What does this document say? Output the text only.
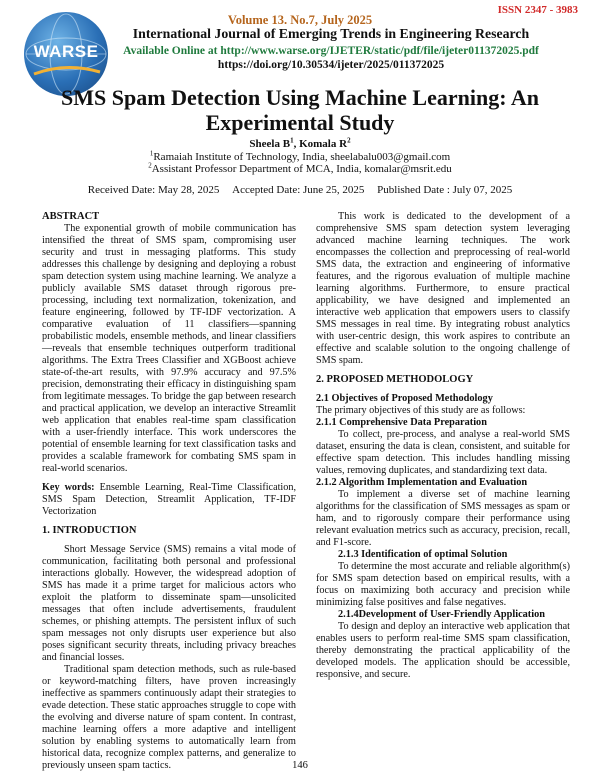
WARSE
ISSN 2347 - 3983
Volume 13. No.7, July 2025
International Journal of Emerging Trends in Engineering Research
Available Online at http://www.warse.org/IJETER/static/pdf/file/ijeter011372025.pdf
https://doi.org/10.30534/ijeter/2025/011372025
SMS Spam Detection Using Machine Learning: An Experimental Study
Sheela $B^1$, Komala $R^2$
$^1$Ramaiah Institute of Technology, India, sheelabalu003@gmail.com
$^2$Assistant Professor Department of MCA, India, komalar@msrit.edu
Received Date: May 28, 2025 Accepted Date: June 25, 2025 Published Date : July 07, 2025
ABSTRACT

The exponential growth of mobile communication has intensified the threat of SMS spam, compromising user security and trust in messaging platforms. This study addresses this challenge by designing and deploying a robust spam detection system using machine learning. We analyze a publicly available SMS dataset through rigorous pre-processing, including text normalization, tokenization, and feature engineering, followed by TF-IDF vectorization. A comparative evaluation of 11 classifiers—spanning probabilistic models, ensemble methods, and linear classifiers—reveals that ensemble techniques outperform traditional algorithms. The Extra Trees Classifier and XGBoost achieve state-of-the-art results, with 97.9% accuracy and 97.5% precision, demonstrating their efficacy in distinguishing spam from legitimate messages. To bridge the gap between research and practical application, we develop an interactive Streamlit web application that enables real-time spam classification with a user-friendly interface. This work underscores the potential of ensemble learning for text classification tasks and provides a scalable framework for combating SMS spam in real-world scenarios.

Key words: Ensemble Learning, Real-Time Classification, SMS Spam Detection, Streamlit Application, TF-IDF Vectorization

1. INTRODUCTION

Short Message Service (SMS) remains a vital mode of communication, facilitating both personal and professional interactions globally. However, the widespread adoption of SMS has made it a prime target for malicious actors who exploit the platform to disseminate spam—unsolicited messages that often include advertisements, fraudulent schemes, or phishing attempts. The persistent influx of such spam messages not only disrupts user experience but also poses significant security threats, including privacy breaches and financial losses.

Traditional spam detection methods, such as rule-based or keyword-matching filters, have proven increasingly ineffective as spammers continuously adapt their strategies to evade detection. These static approaches struggle to cope with the evolving and diverse nature of spam content. In contrast, machine learning offers a more adaptive and intelligent solution by enabling systems to automatically learn from historical data, recognize complex patterns, and generalize to previously unseen spam tactics.

This work is dedicated to the development of a comprehensive SMS spam detection system leveraging advanced machine learning techniques. The work encompasses the collection and preprocessing of real-world SMS data, the extraction and engineering of informative features, and the rigorous evaluation of multiple machine learning algorithms. Furthermore, to ensure practical applicability, we have designed and implemented an interactive web application that empowers users to classify SMS messages in real time. By integrating robust analytics with user-centric design, this work aspires to contribute an effective and scalable solution to the ongoing challenge of SMS spam.

2. PROPOSED METHODOLOGY
2.1 Objectives of Proposed Methodology

The primary objectives of this study are as follows:

2.1.1 Comprehensive Data Preparation

To collect, pre-process, and analyse a real-world SMS dataset, ensuring the data is clean, consistent, and suitable for effective spam detection. This includes handling missing values, removing duplicates, and standardizing text data.

2.1.2 Algorithm Implementation and Evaluation

To implement a diverse set of machine learning algorithms for the classification of SMS messages as spam or ham, and to rigorously compare their performance using relevant evaluation metrics such as accuracy, precision, recall, and F1-score.

2.1.3 Identification of optimal Solution

To determine the most accurate and reliable algorithm(s) for SMS spam detection based on empirical results, with a focus on maximizing both accuracy and precision while minimizing false positives and false negatives.

2.1.4Development of User-Friendly Application

To design and deploy an interactive web application that enables users to perform real-time SMS spam classification, thereby demonstrating the practical applicability of the developed models. The application should be accessible, responsive, and secure.

146
